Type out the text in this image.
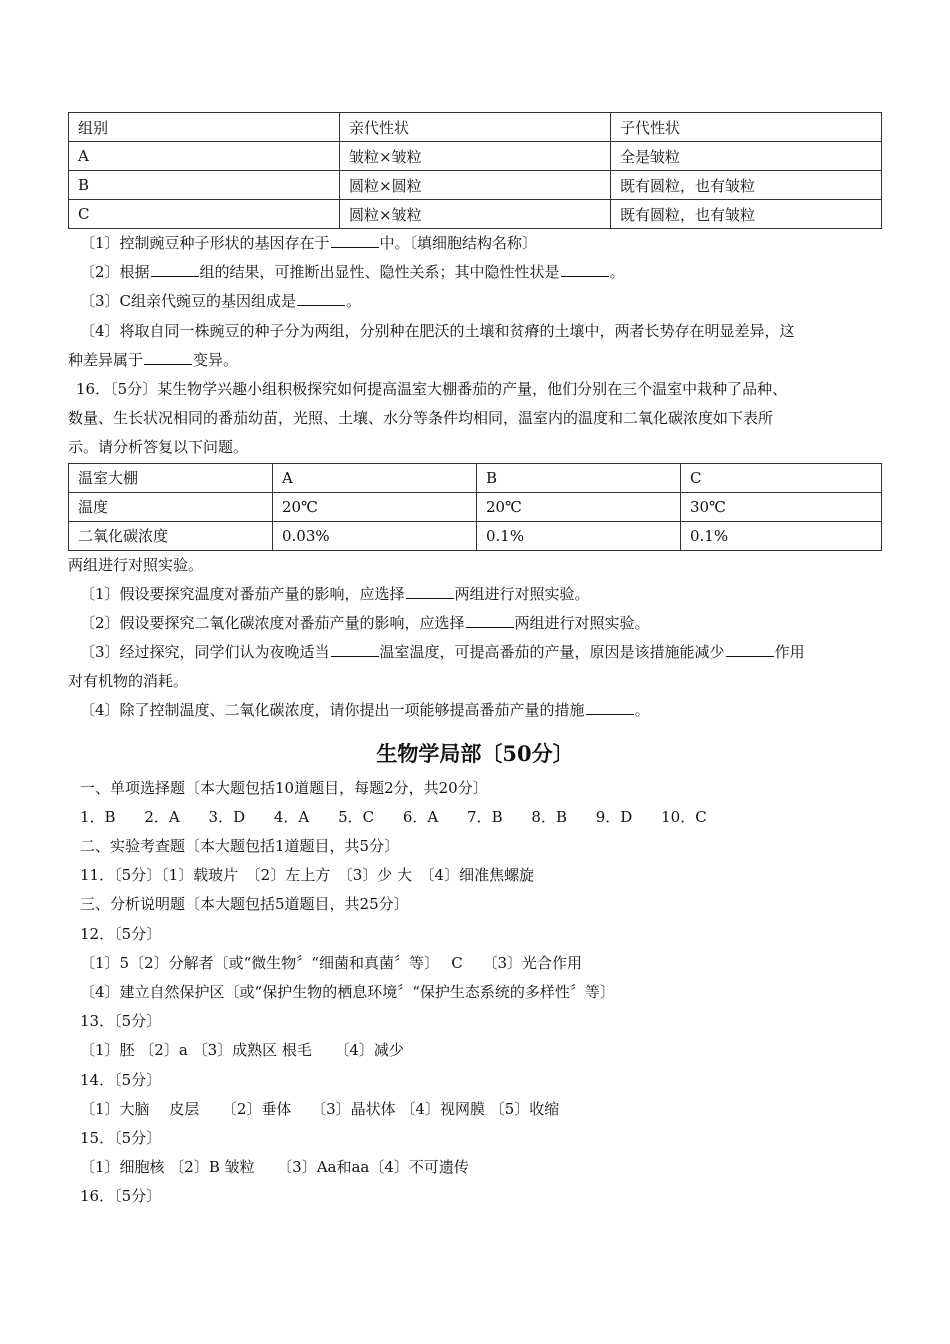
组别	亲代性状	子代性状
A	皱粒×皱粒	全是皱粒
B	圆粒×圆粒	既有圆粒，也有皱粒
C	圆粒×皱粒	既有圆粒，也有皱粒
〔1〕控制豌豆种子形状的基因存在于	中。〔填细胞结构名称〕
〔2〕根据	组的结果，可推断出显性、隐性关系；其中隐性性状是	。
〔3〕C组亲代豌豆的基因组成是	。
〔4〕将取自同一株豌豆的种子分为两组，分别种在肥沃的土壤和贫瘠的土壤中，两者长势存在明显差异，这
种差异属于	变异。
16．〔5分〕某生物学兴趣小组积极探究如何提高温室大棚番茄的产量，他们分别在三个温室中栽种了品种、
数量、生长状况相同的番茄幼苗，光照、土壤、水分等条件均相同，温室内的温度和二氧化碳浓度如下表所
示。请分析答复以下问题。
温室大棚	A	B	C
温度	20℃	20℃	30℃
二氧化碳浓度	0.03%	0.1%	0.1%
两组进行对照实验。
〔1〕假设要探究温度对番茄产量的影响，应选择	两组进行对照实验。
〔2〕假设要探究二氧化碳浓度对番茄产量的影响，应选择	两组进行对照实验。
〔3〕经过探究，同学们认为夜晚适当	温室温度，可提高番茄的产量，原因是该措施能减少	作用
对有机物的消耗。
〔4〕除了控制温度、二氧化碳浓度，请你提出一项能够提高番茄产量的措施	。
生物学局部〔50分〕
一、单项选择题〔本大题包括10道题目，每题2分，共20分〕
1．B 2．A 3．D 4．A 5．C 6．A 7．B 8．B 9．D 10．C
二、实验考查题〔本大题包括1道题目，共5分〕
11．〔5分〕〔1〕载玻片　〔2〕左上方　〔3〕少 大　〔4〕细准焦螺旋
三、分析说明题〔本大题包括5道题目，共25分〕
12．〔5分〕
〔1〕5〔2〕分解者〔或“微生物〞“细菌和真菌〞等〕　 C　 〔3〕光合作用
〔4〕建立自然保护区〔或“保护生物的栖息环境〞“保护生态系统的多样性〞等〕
13．〔5分〕
〔1〕胚 〔2〕a 〔3〕成熟区 根毛　　〔4〕减少
14．〔5分〕
〔1〕大脑　 皮层　　〔2〕垂体　 〔3〕晶状体 〔4〕视网膜 〔5〕收缩
15．〔5分〕
〔1〕细胞核 〔2〕B 皱粒　　〔3〕Aa和aa〔4〕不可遗传
16．〔5分〕
